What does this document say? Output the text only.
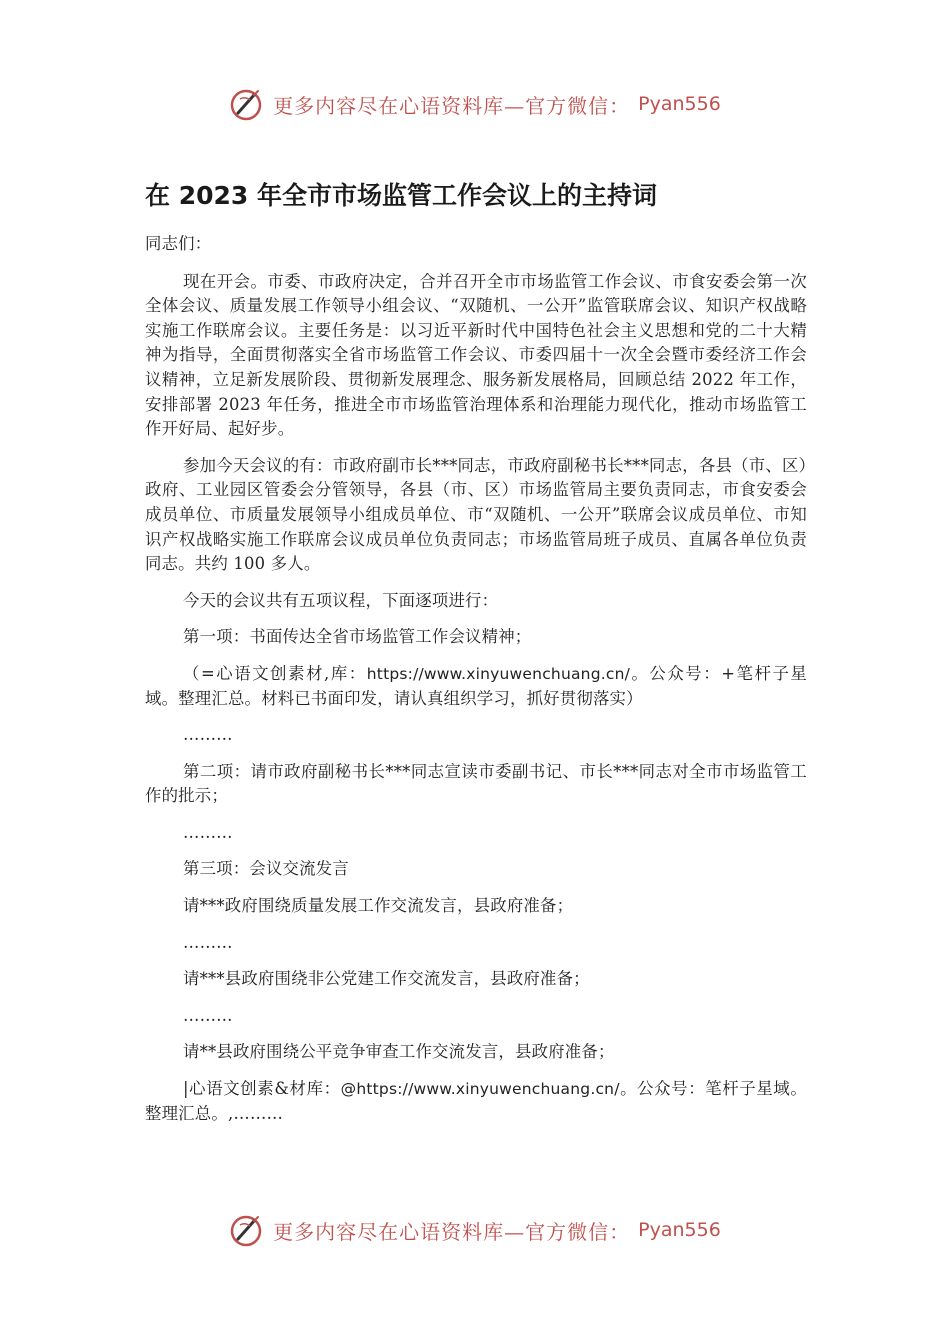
更多内容尽在心语资料库—官方微信： Pyan556
在 2023 年全市市场监管工作会议上的主持词

同志们：

现在开会。市委、市政府决定，合并召开全市市场监管工作会议、市食安委会第一次全体会议、质量发展工作领导小组会议、“双随机、一公开”监管联席会议、知识产权战略实施工作联席会议。主要任务是：以习近平新时代中国特色社会主义思想和党的二十大精神为指导，全面贯彻落实全省市场监管工作会议、市委四届十一次全会暨市委经济工作会议精神，立足新发展阶段、贯彻新发展理念、服务新发展格局，回顾总结 2022 年工作，安排部署 2023 年任务，推进全市市场监管治理体系和治理能力现代化，推动市场监管工作开好局、起好步。

参加今天会议的有：市政府副市长***同志，市政府副秘书长***同志，各县（市、区）政府、工业园区管委会分管领导，各县（市、区）市场监管局主要负责同志，市食安委会成员单位、市质量发展领导小组成员单位、市“双随机、一公开”联席会议成员单位、市知识产权战略实施工作联席会议成员单位负责同志；市场监管局班子成员、直属各单位负责同志。共约 100 多人。

今天的会议共有五项议程，下面逐项进行：

第一项：书面传达全省市场监管工作会议精神；

（=心语文创素材,库：https://www.xinyuwenchuang.cn/。公众号：+笔杆子星域。整理汇总。材料已书面印发，请认真组织学习，抓好贯彻落实）

………

第二项：请市政府副秘书长***同志宣读市委副书记、市长***同志对全市市场监管工作的批示；

………

第三项：会议交流发言

请***政府围绕质量发展工作交流发言，县政府准备；

………

请***县政府围绕非公党建工作交流发言，县政府准备；

………

请**县政府围绕公平竞争审查工作交流发言，县政府准备；

|心语文创素&材库：@https://www.xinyuwenchuang.cn/。公众号：笔杆子星域。整理汇总。,………

更多内容尽在心语资料库—官方微信： Pyan556
